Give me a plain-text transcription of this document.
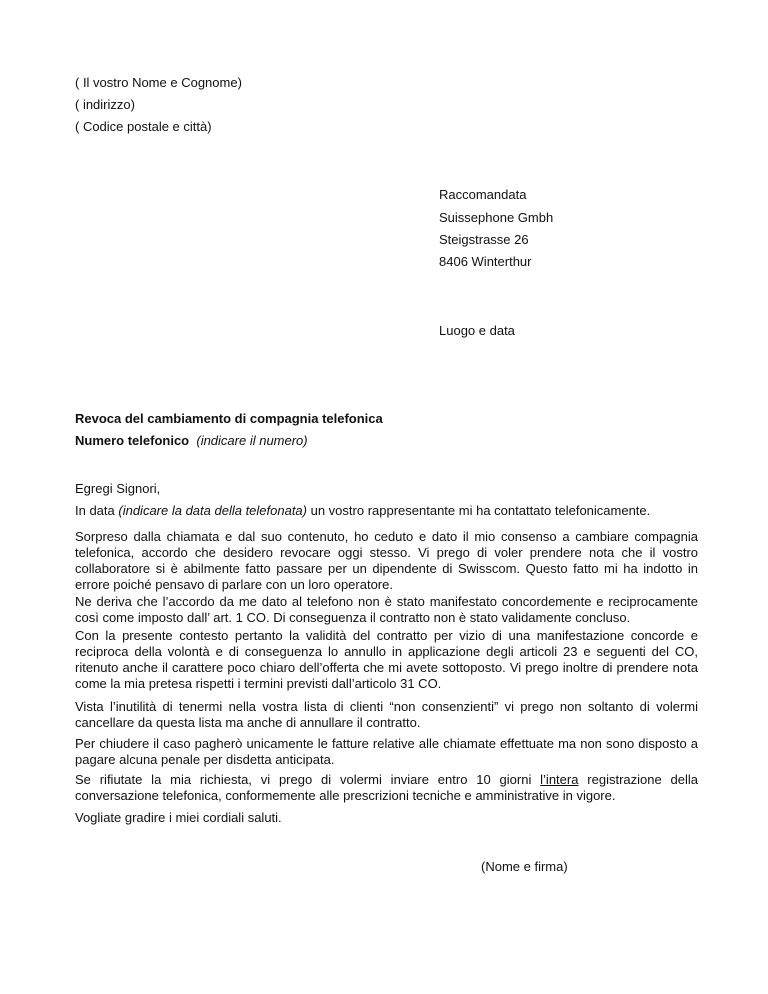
( Il vostro Nome e Cognome)
( indirizzo)
( Codice postale e città)
Raccomandata
Suissephone Gmbh
Steigstrasse 26
8406 Winterthur
Luogo e data
Revoca del cambiamento di compagnia telefonica
Numero telefonico (indicare il numero)
Egregi Signori,

In data (indicare la data della telefonata) un vostro rappresentante mi ha contattato telefonicamente.

Sorpreso dalla chiamata e dal suo contenuto, ho ceduto e dato il mio consenso a cambiare compagnia telefonica, accordo che desidero revocare oggi stesso. Vi prego di voler prendere nota che il vostro collaboratore si è abilmente fatto passare per un dipendente di Swisscom. Questo fatto mi ha indotto in errore poiché pensavo di parlare con un loro operatore.

Ne deriva che l’accordo da me dato al telefono non è stato manifestato concordemente e reciprocamente così come imposto dall’ art. 1 CO. Di conseguenza il contratto non è stato validamente concluso.

Con la presente contesto pertanto la validità del contratto per vizio di una manifestazione concorde e reciproca della volontà e di conseguenza lo annullo in applicazione degli articoli 23 e seguenti del CO, ritenuto anche il carattere poco chiaro dell’offerta che mi avete sottoposto. Vi prego inoltre di prendere nota come la mia pretesa rispetti i termini previsti dall’articolo 31 CO.

Vista l’inutilità di tenermi nella vostra lista di clienti “non consenzienti” vi prego non soltanto di volermi cancellare da questa lista ma anche di annullare il contratto.

Per chiudere il caso pagherò unicamente le fatture relative alle chiamate effettuate ma non sono disposto a pagare alcuna penale per disdetta anticipata.

Se rifiutate la mia richiesta, vi prego di volermi inviare entro 10 giorni l’intera registrazione della conversazione telefonica, conformemente alle prescrizioni tecniche e amministrative in vigore.

Vogliate gradire i miei cordiali saluti.

(Nome e firma)
